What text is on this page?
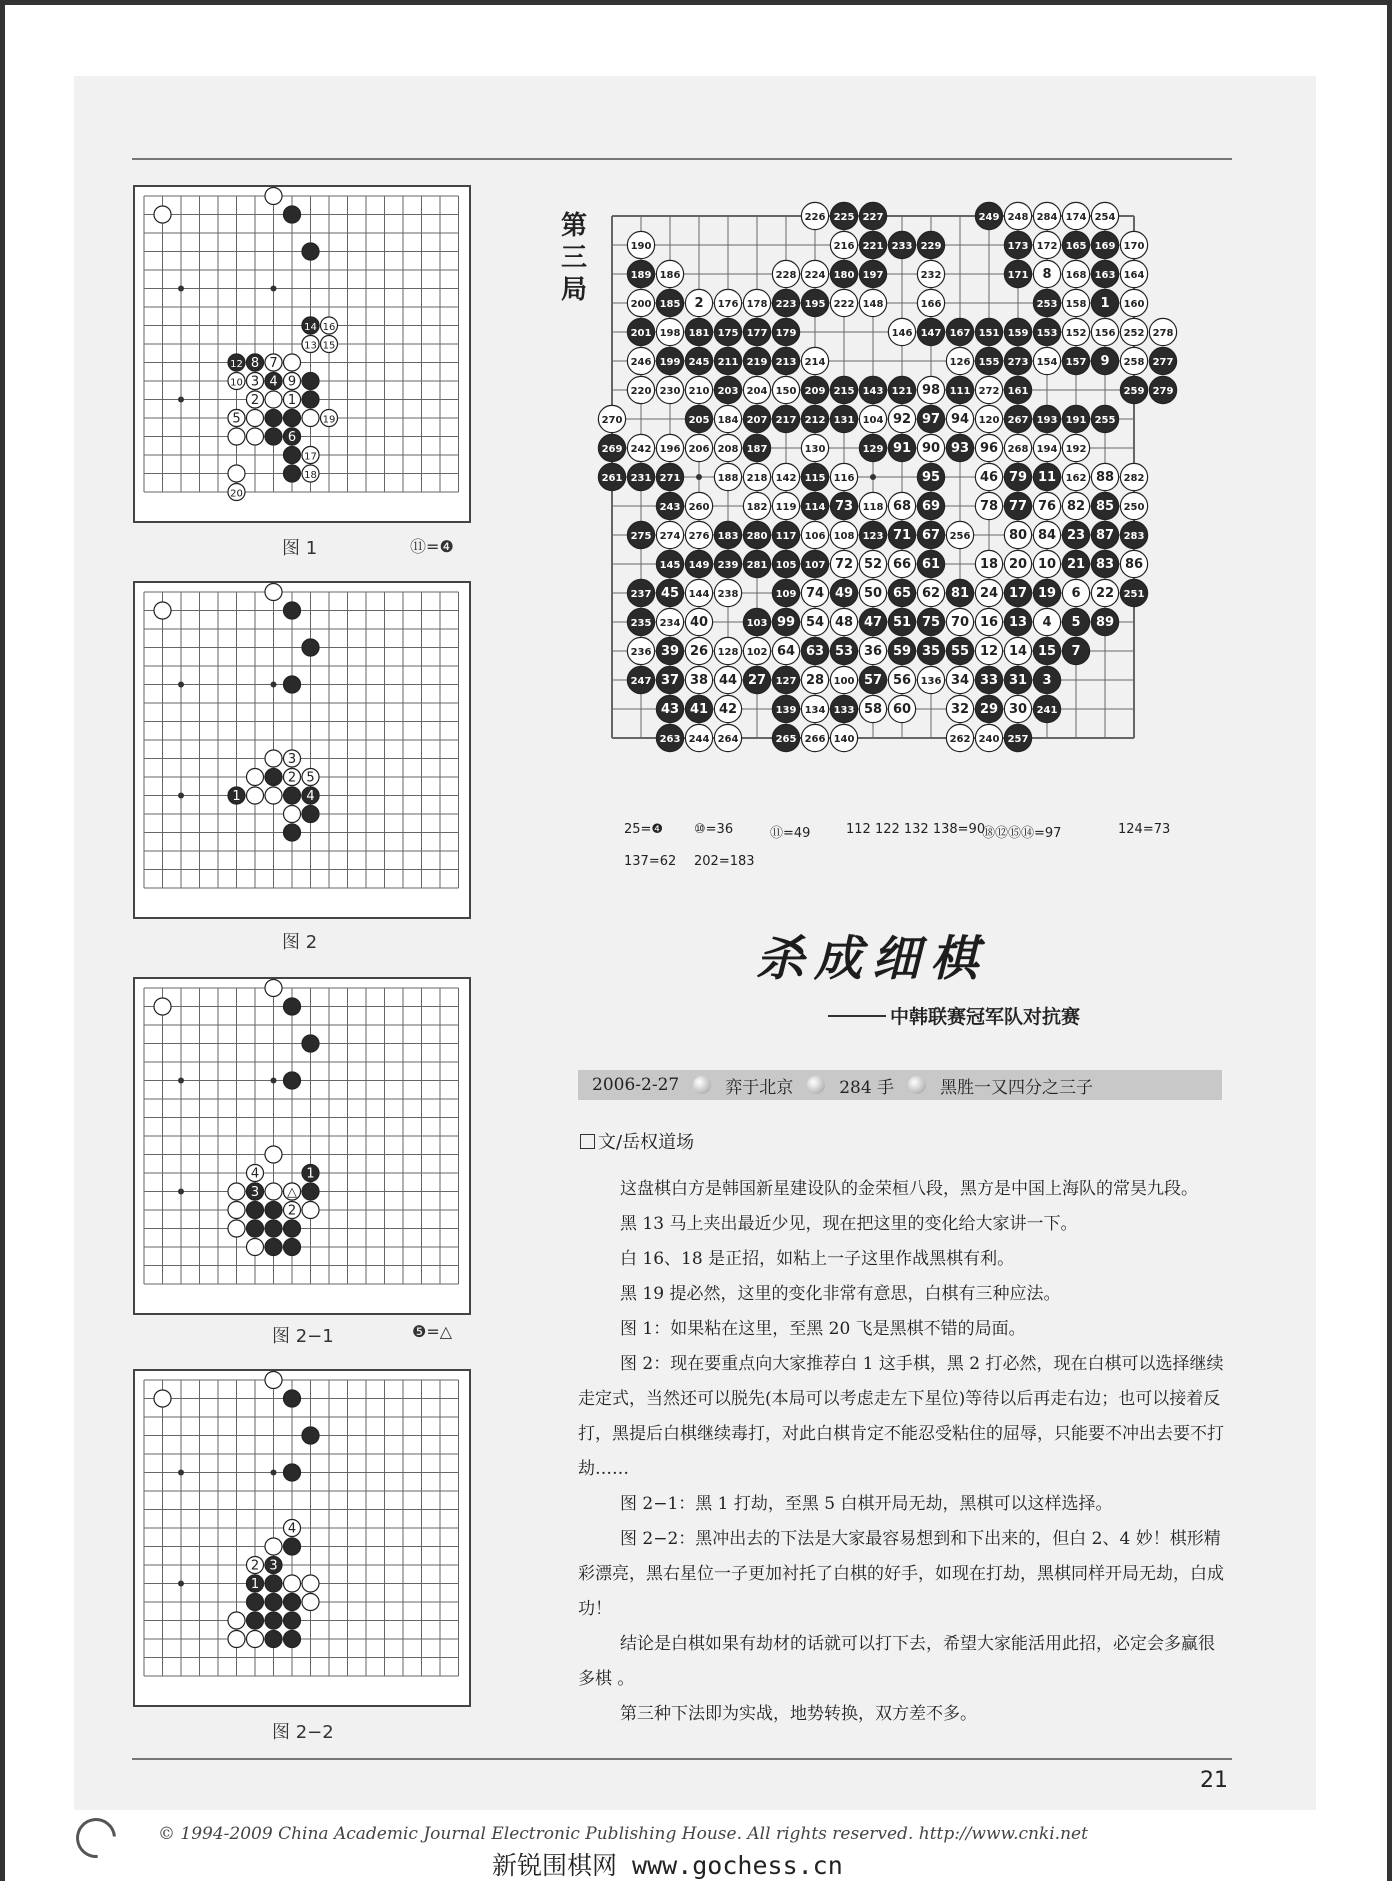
14 16
13 15
12 8 7
10 3 4 9
2 1
5	19
6
17
18
20
图 1	⑪=❹
3
2 5
1	4
图 2
4	1
3 △
2
图 2−1	❺=△
4
2 3
1
图 2−2
第三局
226 225 227	249 248 284 174 254
190	216 221 233 229	173 172 165 169 170
189 186	228 224 180 197	232	171 8 168 163 164
200 185 2 176 178 223 195 222 148	166	253 158 1 160
201 198 181 175 177 179	146 147 167 151 159 153 152 156 252 278
246 199 245 211 219 213 214	126 155 273 154 157 9 258 277
220 230 210 203 204 150 209 215 143 121 98 111 272 161	259 279
270	205 184 207 217 212 131 104 92 97 94 120 267 193 191 255
269 242 196 206 208 187	130	129 91 90 93 96 268 194 192
261 231 271	188 218 142 115 116	95	46 79 11 162 88 282
243 260	182 119 114 73 118 68 69	78 77 76 82 85 250
275 274 276 183 280 117 106 108 123 71 67 256	80 84 23 87 283
145 149 239 281 105 107 72 52 66 61	18 20 10 21 83 86
237 45 144 238	109 74 49 50 65 62 81 24 17 19 6 22 251
235 234 40	103 99 54 48 47 51 75 70 16 13 4 5 89
236 39 26 128 102 64 63 53 36 59 35 55 12 14 15 7
247 37 38 44 27 127 28 100 57 56 136 34 33 31 3
43 41 42	139 134 133 58 60	32 29 30 241
263 244 264	265 266 140	262 240 257
25=❹ ⑩=36	⑪=49	112 122 132 138=90
⑱⑫⑮⑭=97	124=73
137=62 202=183
杀成细棋
中韩联赛冠军队对抗赛
2006-2-27	弈于北京	284 手	黑胜一又四分之三子
文/岳权道场

这盘棋白方是韩国新星建设队的金荣桓八段，黑方是中国上海队的常昊九段。

黑 13 马上夹出最近少见，现在把这里的变化给大家讲一下。

白 16、18 是正招，如粘上一子这里作战黑棋有利。

黑 19 提必然，这里的变化非常有意思，白棋有三种应法。

图 1：如果粘在这里，至黑 20 飞是黑棋不错的局面。

图 2：现在要重点向大家推荐白 1 这手棋，黑 2 打必然，现在白棋可以选择继续走定式，当然还可以脱先(本局可以考虑走左下星位)等待以后再走右边；也可以接着反打，黑提后白棋继续毒打，对此白棋肯定不能忍受粘住的屈辱，只能要不冲出去要不打劫……

图 2−1：黑 1 打劫，至黑 5 白棋开局无劫，黑棋可以这样选择。

图 2−2：黑冲出去的下法是大家最容易想到和下出来的，但白 2、4 妙！棋形精彩漂亮，黑右星位一子更加衬托了白棋的好手，如现在打劫，黑棋同样开局无劫，白成功！

结论是白棋如果有劫材的话就可以打下去，希望大家能活用此招，必定会多赢很多棋 。

第三种下法即为实战，地势转换，双方差不多。

21
© 1994-2009 China Academic Journal Electronic Publishing House. All rights reserved. http://www.cnki.net
新锐围棋网 www.gochess.cn
